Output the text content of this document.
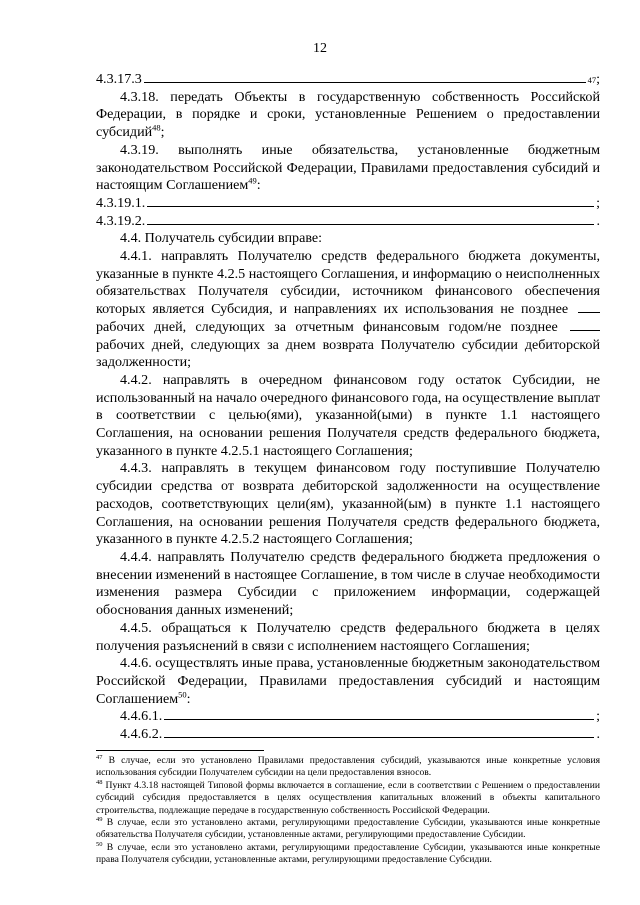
12
4.3.17.3	47 ;

4.3.18. передать Объекты в государственную собственность Российской Федерации, в порядке и сроки, установленные Решением о предоставлении субсидий$^{48}$;

4.3.19. выполнять иные обязательства, установленные бюджетным законодательством Российской Федерации, Правилами предоставления субсидий и настоящим Соглашением$^{49}$:

4.3.19.1.	;
4.3.19.2.	.

4.4. Получатель субсидии вправе:

4.4.1. направлять Получателю средств федерального бюджета документы, указанные в пункте 4.2.5 настоящего Соглашения, и информацию о неисполненных обязательствах Получателя субсидии, источником финансового обеспечения которых является Субсидия, и направлениях их использования не позднее  рабочих дней, следующих за отчетным финансовым годом/не позднее  рабочих дней, следующих за днем возврата Получателю субсидии дебиторской задолженности;

4.4.2. направлять в очередном финансовом году остаток Субсидии, не использованный на начало очередного финансового года, на осуществление выплат в соответствии с целью(ями), указанной(ыми) в пункте 1.1 настоящего Соглашения, на основании решения Получателя средств федерального бюджета, указанного в пункте 4.2.5.1 настоящего Соглашения;

4.4.3. направлять в текущем финансовом году поступившие Получателю субсидии средства от возврата дебиторской задолженности на осуществление расходов, соответствующих цели(ям), указанной(ым) в пункте 1.1 настоящего Соглашения, на основании решения Получателя средств федерального бюджета, указанного в пункте 4.2.5.2 настоящего Соглашения;

4.4.4. направлять Получателю средств федерального бюджета предложения о внесении изменений в настоящее Соглашение, в том числе в случае необходимости изменения размера Субсидии с приложением информации, содержащей обоснования данных изменений;

4.4.5. обращаться к Получателю средств федерального бюджета в целях получения разъяснений в связи с исполнением настоящего Соглашения;

4.4.6. осуществлять иные права, установленные бюджетным законодательством Российской Федерации, Правилами предоставления субсидий и настоящим Соглашением$^{50}$:

4.4.6.1.	;
4.4.6.2.	.

$^{47}$ В случае, если это установлено Правилами предоставления субсидий, указываются иные конкретные условия использования субсидии Получателем субсидии на цели предоставления взносов.

$^{48}$ Пункт 4.3.18 настоящей Типовой формы включается в соглашение, если в соответствии с Решением о предоставлении субсидий субсидия предоставляется в целях осуществления капитальных вложений в объекты капитального строительства, подлежащие передаче в государственную собственность Российской Федерации.

$^{49}$ В случае, если это установлено актами, регулирующими предоставление Субсидии, указываются иные конкретные обязательства Получателя субсидии, установленные актами, регулирующими предоставление Субсидии.

$^{50}$ В случае, если это установлено актами, регулирующими предоставление Субсидии, указываются иные конкретные права Получателя субсидии, установленные актами, регулирующими предоставление Субсидии.
